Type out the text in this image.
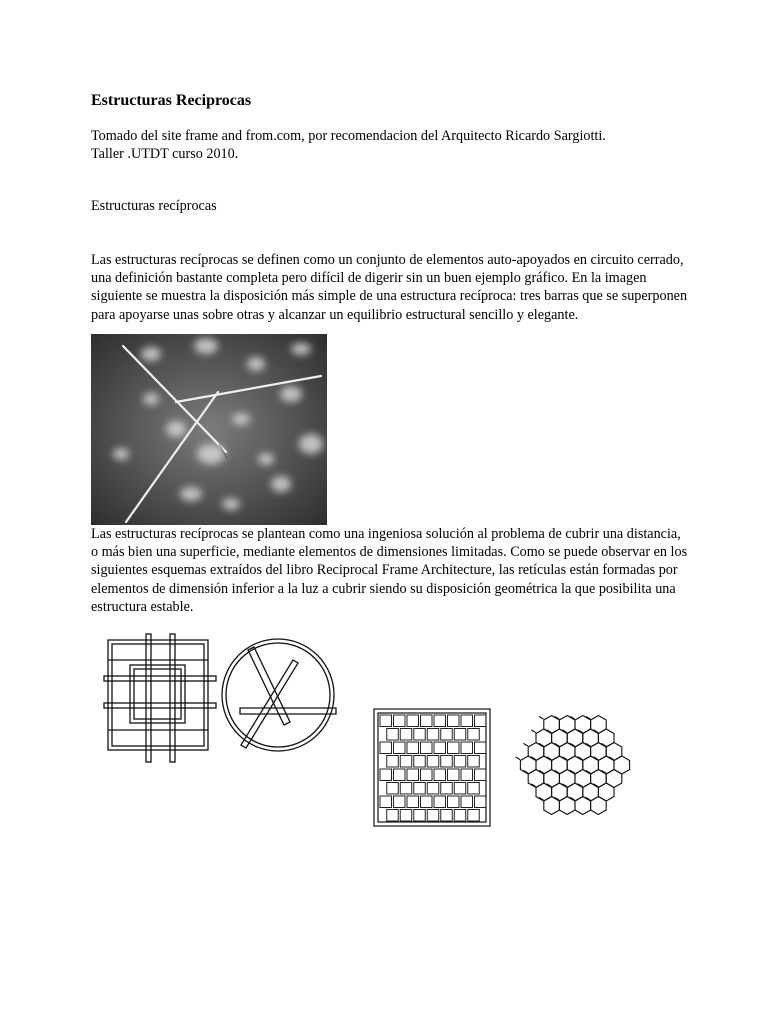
Estructuras Reciprocas
Tomado del site frame and from.com, por recomendacion del Arquitecto Ricardo Sargiotti.
Taller .UTDT curso 2010.

Estructuras recíprocas

Las estructuras recíprocas se definen como un conjunto de elementos auto-apoyados en circuito cerrado, una definición bastante completa pero difícil de digerir sin un buen ejemplo gráfico. En la imagen siguiente se muestra la disposición más simple de una estructura recíproca: tres barras que se superponen para apoyarse unas sobre otras y alcanzar un equilibrio estructural sencillo y elegante.

Las estructuras recíprocas se plantean como una ingeniosa solución al problema de cubrir una distancia, o más bien una superficie, mediante elementos de dimensiones limitadas. Como se puede observar en los siguientes esquemas extraídos del libro Reciprocal Frame Architecture, las retículas están formadas por elementos de dimensión inferior a la luz a cubrir siendo su disposición geométrica la que posibilita una estructura estable.
